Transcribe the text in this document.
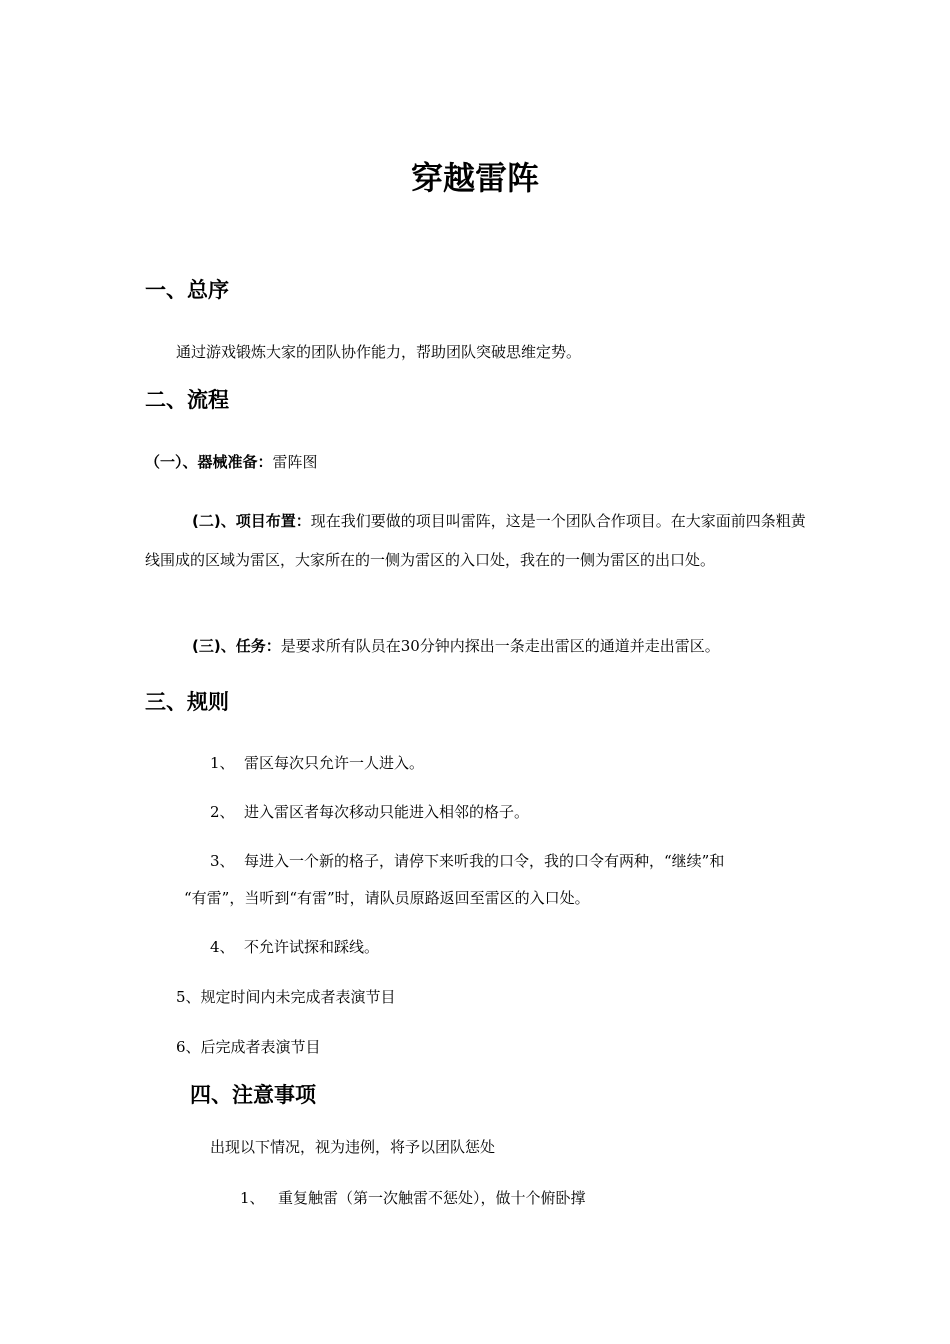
穿越雷阵
一、总序
通过游戏锻炼大家的团队协作能力，帮助团队突破思维定势。
二、流程
（一）、器械准备：雷阵图
(二)、项目布置：现在我们要做的项目叫雷阵，这是一个团队合作项目。在大家面前四条粗黄线围成的区域为雷区，大家所在的一侧为雷区的入口处，我在的一侧为雷区的出口处。
(三)、任务：是要求所有队员在30分钟内探出一条走出雷区的通道并走出雷区。
三、规则
1、 雷区每次只允许一人进入。
2、 进入雷区者每次移动只能进入相邻的格子。
3、 每进入一个新的格子，请停下来听我的口令，我的口令有两种，“继续”和
“有雷”，当听到“有雷”时，请队员原路返回至雷区的入口处。
4、 不允许试探和踩线。
5、规定时间内未完成者表演节目
6、后完成者表演节目
四、注意事项
出现以下情况，视为违例，将予以团队惩处
1、 重复触雷（第一次触雷不惩处），做十个俯卧撑
